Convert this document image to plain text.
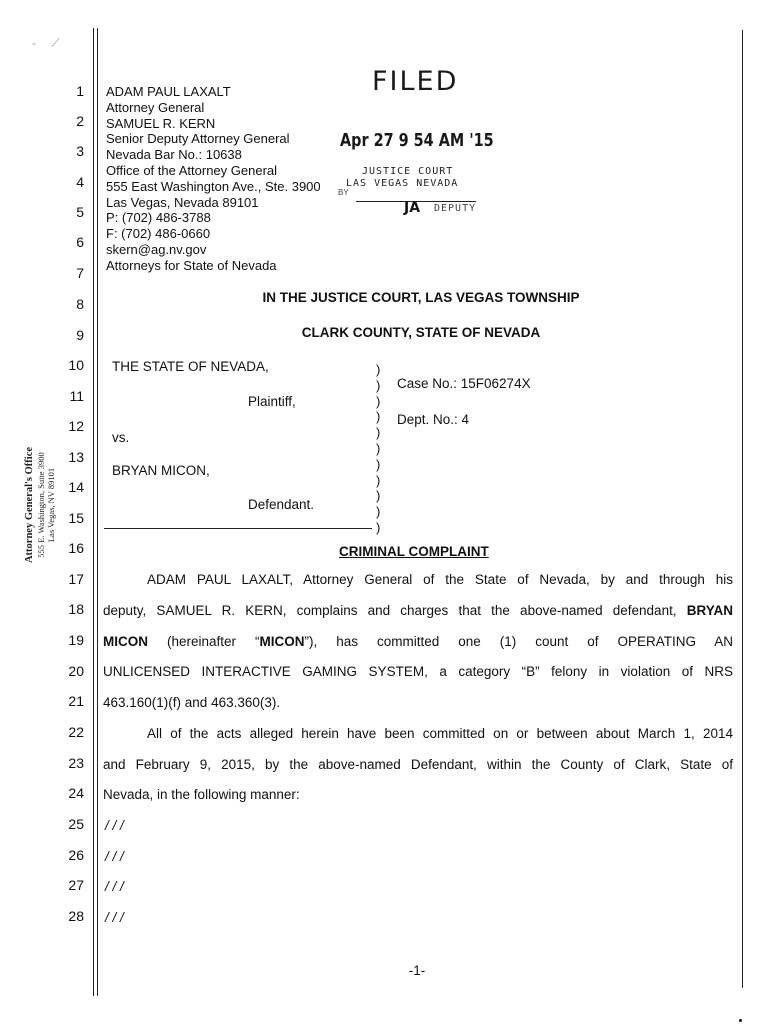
- ⟋
1
2
3
4
5
6
7
8
9
10
11
12
13
14
15
16
17
18
19
20
21
22
23
24
25
26
27
28
Attorney General's Office 555 E. Washington, Suite 3900 Las Vegas, NV 89101
ADAM PAUL LAXALT
Attorney General
SAMUEL R. KERN
Senior Deputy Attorney General
Nevada Bar No.: 10638
Office of the Attorney General
555 East Washington Ave., Ste. 3900
Las Vegas, Nevada 89101
P: (702) 486-3788
F: (702) 486-0660
skern@ag.nv.gov
Attorneys for State of Nevada
FILED
Apr 27 9 54 AM '15
JUSTICE COURT
LAS VEGAS NEVADA
BY
JA DEPUTY
IN THE JUSTICE COURT, LAS VEGAS TOWNSHIP
CLARK COUNTY, STATE OF NEVADA
THE STATE OF NEVADA,
Plaintiff,
vs.
BRYAN MICON,
Defendant.
)
)
)
)
)
)
)
)
)
)
)
Case No.: 15F06274X
Dept. No.: 4
CRIMINAL COMPLAINT
ADAM PAUL LAXALT, Attorney General of the State of Nevada, by and through his
deputy, SAMUEL R. KERN, complains and charges that the above-named defendant, BRYAN
MICON (hereinafter “MICON”), has committed one (1) count of OPERATING AN
UNLICENSED INTERACTIVE GAMING SYSTEM, a category “B” felony in violation of NRS
463.160(1)(f) and 463.360(3).
All of the acts alleged herein have been committed on or between about March 1, 2014
and February 9, 2015, by the above-named Defendant, within the County of Clark, State of
Nevada, in the following manner:
/ / /
/ / /
/ / /
/ / /
-1-
